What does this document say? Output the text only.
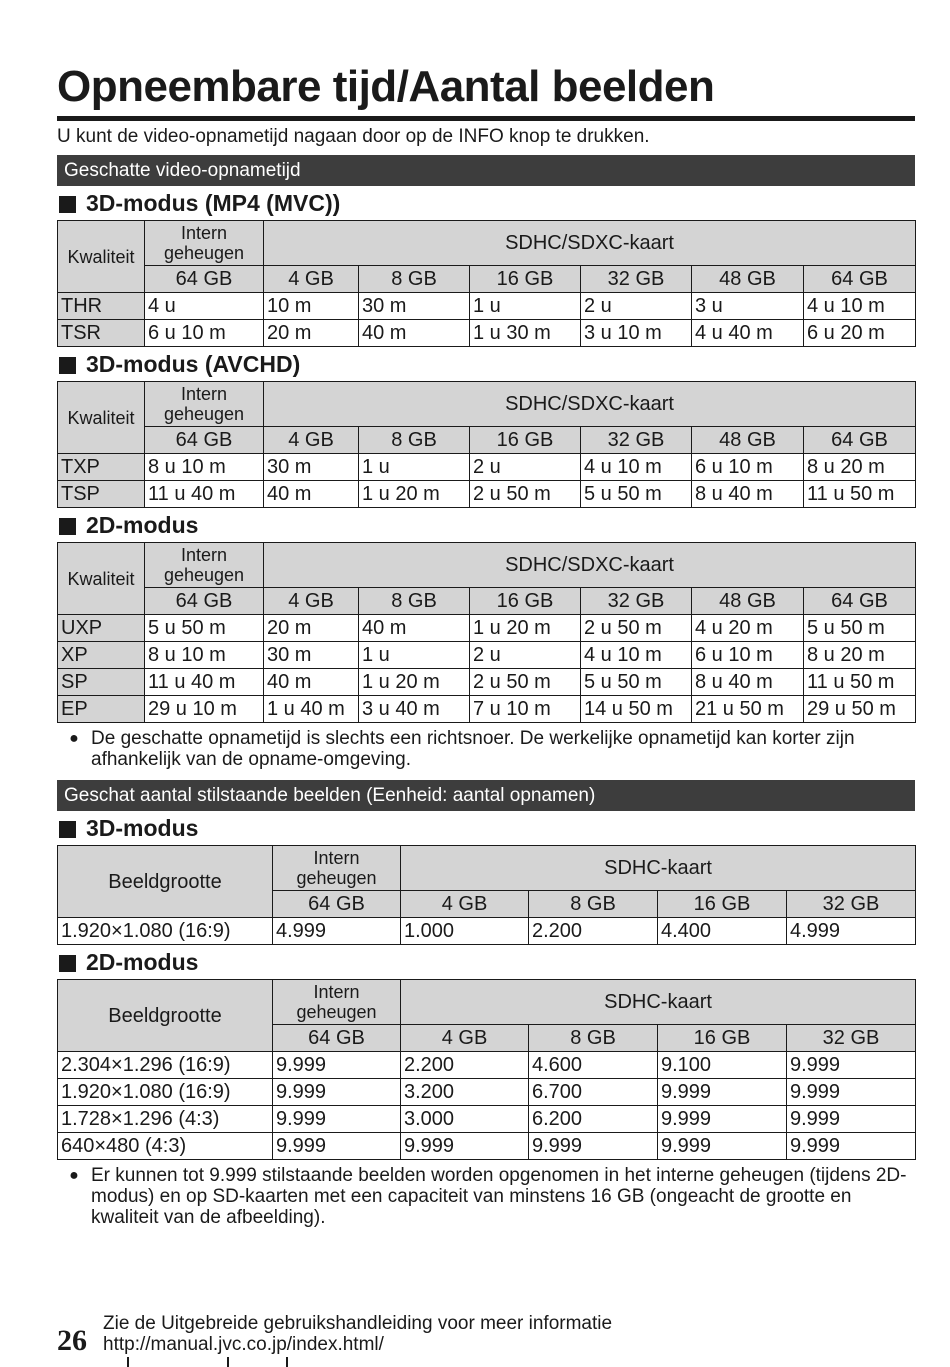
Opneembare tijd/Aantal beelden
U kunt de video-opnametijd nagaan door op de INFO knop te drukken.
Geschatte video-opnametijd
3D-modus (MP4 (MVC))
Kwaliteit	Intern geheugen	SDHC/SDXC-kaart					
	64 GB	4 GB	8 GB	16 GB	32 GB	48 GB	64 GB
THR	4 u	10 m	30 m	1 u	2 u	3 u	4 u 10 m
TSR	6 u 10 m	20 m	40 m	1 u 30 m	3 u 10 m	4 u 40 m	6 u 20 m
3D-modus (AVCHD)
Kwaliteit	Intern geheugen	SDHC/SDXC-kaart					
	64 GB	4 GB	8 GB	16 GB	32 GB	48 GB	64 GB
TXP	8 u 10 m	30 m	1 u	2 u	4 u 10 m	6 u 10 m	8 u 20 m
TSP	11 u 40 m	40 m	1 u 20 m	2 u 50 m	5 u 50 m	8 u 40 m	11 u 50 m
2D-modus
Kwaliteit	Intern geheugen	SDHC/SDXC-kaart					
	64 GB	4 GB	8 GB	16 GB	32 GB	48 GB	64 GB
UXP	5 u 50 m	20 m	40 m	1 u 20 m	2 u 50 m	4 u 20 m	5 u 50 m
XP	8 u 10 m	30 m	1 u	2 u	4 u 10 m	6 u 10 m	8 u 20 m
SP	11 u 40 m	40 m	1 u 20 m	2 u 50 m	5 u 50 m	8 u 40 m	11 u 50 m
EP	29 u 10 m	1 u 40 m	3 u 40 m	7 u 10 m	14 u 50 m	21 u 50 m	29 u 50 m
● De geschatte opnametijd is slechts een richtsnoer. De werkelijke opnametijd kan korter zijn afhankelijk van de opname-omgeving.
Geschat aantal stilstaande beelden (Eenheid: aantal opnamen)
3D-modus
Beeldgrootte	Intern geheugen	SDHC-kaart			
	64 GB	4 GB	8 GB	16 GB	32 GB
1.920×1.080 (16:9)	4.999	1.000	2.200	4.400	4.999
2D-modus
Beeldgrootte	Intern geheugen	SDHC-kaart			
	64 GB	4 GB	8 GB	16 GB	32 GB
2.304×1.296 (16:9)	9.999	2.200	4.600	9.100	9.999
1.920×1.080 (16:9)	9.999	3.200	6.700	9.999	9.999
1.728×1.296 (4:3)	9.999	3.000	6.200	9.999	9.999
640×480 (4:3)	9.999	9.999	9.999	9.999	9.999
● Er kunnen tot 9.999 stilstaande beelden worden opgenomen in het interne geheugen (tijdens 2D-modus) en op SD-kaarten met een capaciteit van minstens 16 GB (ongeacht de grootte en kwaliteit van de afbeelding).
26
Zie de Uitgebreide gebruikshandleiding voor meer informatie
http://manual.jvc.co.jp/index.html/
